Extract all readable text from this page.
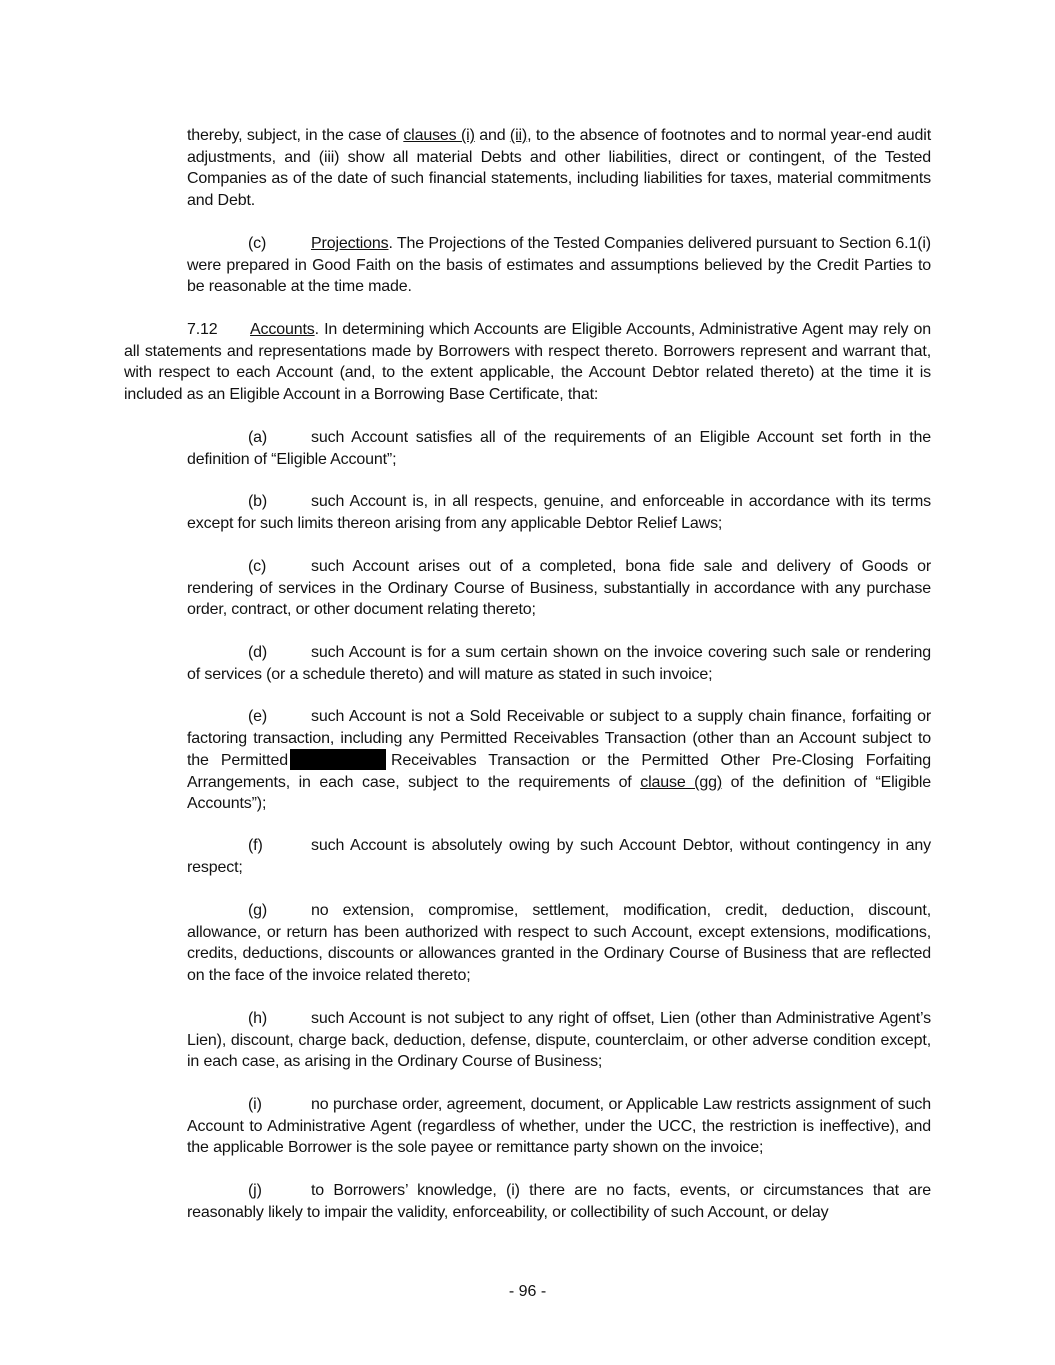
thereby, subject, in the case of clauses (i) and (ii), to the absence of footnotes and to normal year-end audit adjustments, and (iii) show all material Debts and other liabilities, direct or contingent, of the Tested Companies as of the date of such financial statements, including liabilities for taxes, material commitments and Debt.

(c)	Projections. The Projections of the Tested Companies delivered pursuant to Section 6.1(i) were prepared in Good Faith on the basis of estimates and assumptions believed by the Credit Parties to be reasonable at the time made.

7.12 Accounts. In determining which Accounts are Eligible Accounts, Administrative Agent may rely on all statements and representations made by Borrowers with respect thereto. Borrowers represent and warrant that, with respect to each Account (and, to the extent applicable, the Account Debtor related thereto) at the time it is included as an Eligible Account in a Borrowing Base Certificate, that:

(a)	such Account satisfies all of the requirements of an Eligible Account set forth in the definition of “Eligible Account”;

(b)	such Account is, in all respects, genuine, and enforceable in accordance with its terms except for such limits thereon arising from any applicable Debtor Relief Laws;

(c)	such Account arises out of a completed, bona fide sale and delivery of Goods or rendering of services in the Ordinary Course of Business, substantially in accordance with any purchase order, contract, or other document relating thereto;

(d)	such Account is for a sum certain shown on the invoice covering such sale or rendering of services (or a schedule thereto) and will mature as stated in such invoice;

(e)	such Account is not a Sold Receivable or subject to a supply chain finance, forfaiting or factoring transaction, including any Permitted Receivables Transaction (other than an Account subject to the Permitted	Receivables Transaction or the Permitted Other Pre-Closing Forfaiting Arrangements, in each case, subject to the requirements of clause (gg) of the definition of “Eligible Accounts”);

(f)	such Account is absolutely owing by such Account Debtor, without contingency in any respect;

(g)	no extension, compromise, settlement, modification, credit, deduction, discount, allowance, or return has been authorized with respect to such Account, except extensions, modifications, credits, deductions, discounts or allowances granted in the Ordinary Course of Business that are reflected on the face of the invoice related thereto;

(h)	such Account is not subject to any right of offset, Lien (other than Administrative Agent’s Lien), discount, charge back, deduction, defense, dispute, counterclaim, or other adverse condition except, in each case, as arising in the Ordinary Course of Business;

(i)	no purchase order, agreement, document, or Applicable Law restricts assignment of such Account to Administrative Agent (regardless of whether, under the UCC, the restriction is ineffective), and the applicable Borrower is the sole payee or remittance party shown on the invoice;

(j)	to Borrowers’ knowledge, (i) there are no facts, events, or circumstances that are reasonably likely to impair the validity, enforceability, or collectibility of such Account, or delay

- 96 -
